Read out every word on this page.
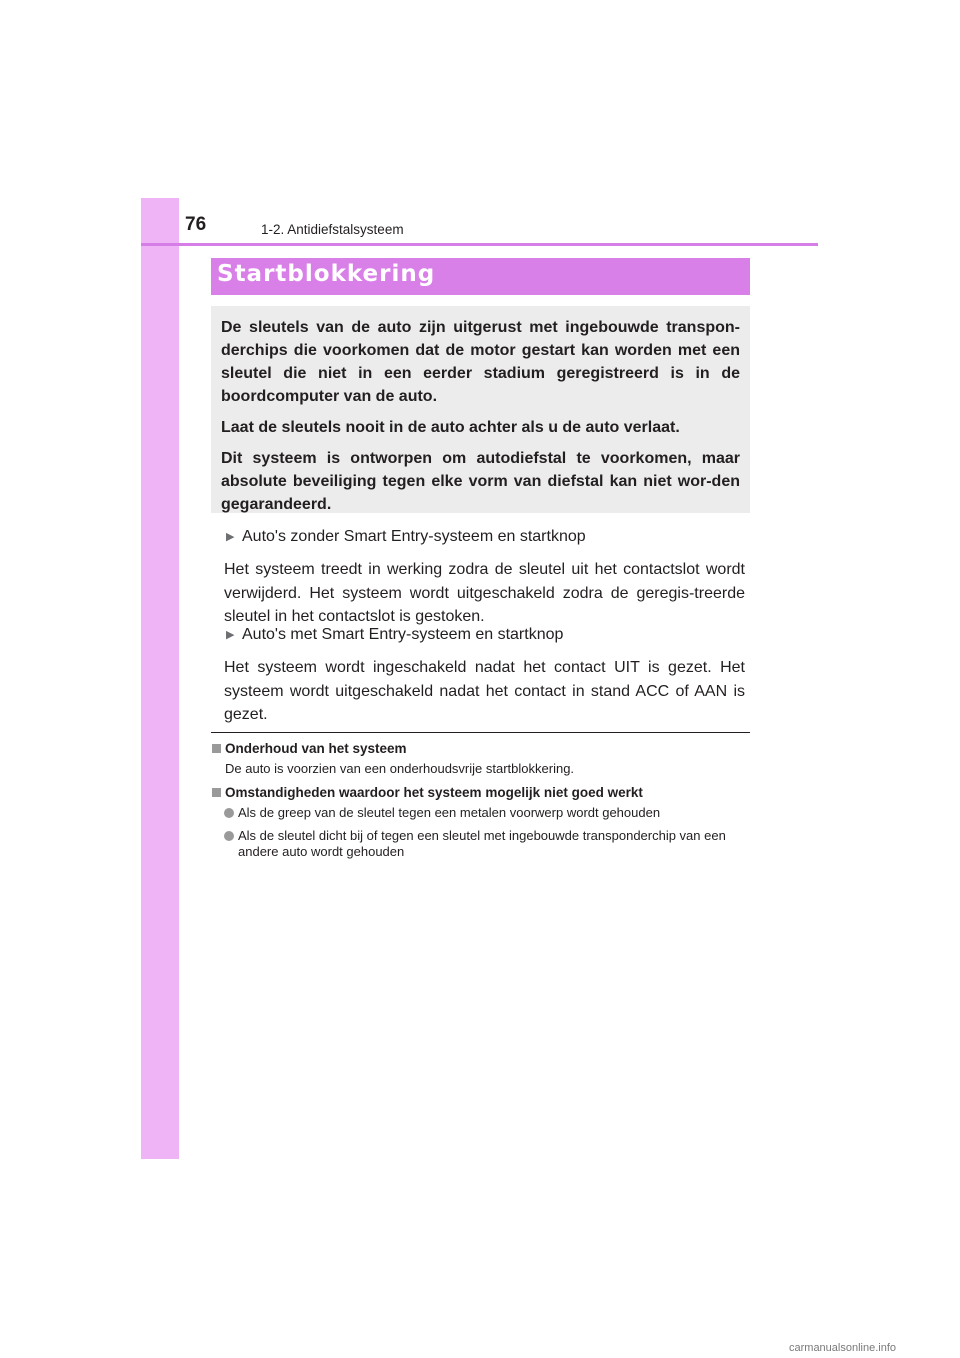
76	1-2. Antidiefstalsysteem
Startblokkering

De sleutels van de auto zijn uitgerust met ingebouwde transpon-derchips die voorkomen dat de motor gestart kan worden met een sleutel die niet in een eerder stadium geregistreerd is in de boordcomputer van de auto.

Laat de sleutels nooit in de auto achter als u de auto verlaat.

Dit systeem is ontworpen om autodiefstal te voorkomen, maar absolute beveiliging tegen elke vorm van diefstal kan niet wor-den gegarandeerd.

▶ Auto's zonder Smart Entry-systeem en startknop

Het systeem treedt in werking zodra de sleutel uit het contactslot wordt verwijderd. Het systeem wordt uitgeschakeld zodra de geregis-treerde sleutel in het contactslot is gestoken.

▶ Auto's met Smart Entry-systeem en startknop

Het systeem wordt ingeschakeld nadat het contact UIT is gezet. Het systeem wordt uitgeschakeld nadat het contact in stand ACC of AAN is gezet.

Onderhoud van het systeem
De auto is voorzien van een onderhoudsvrije startblokkering.
Omstandigheden waardoor het systeem mogelijk niet goed werkt
Als de greep van de sleutel tegen een metalen voorwerp wordt gehouden
Als de sleutel dicht bij of tegen een sleutel met ingebouwde transponderchip van een andere auto wordt gehouden
carmanualsonline.info
